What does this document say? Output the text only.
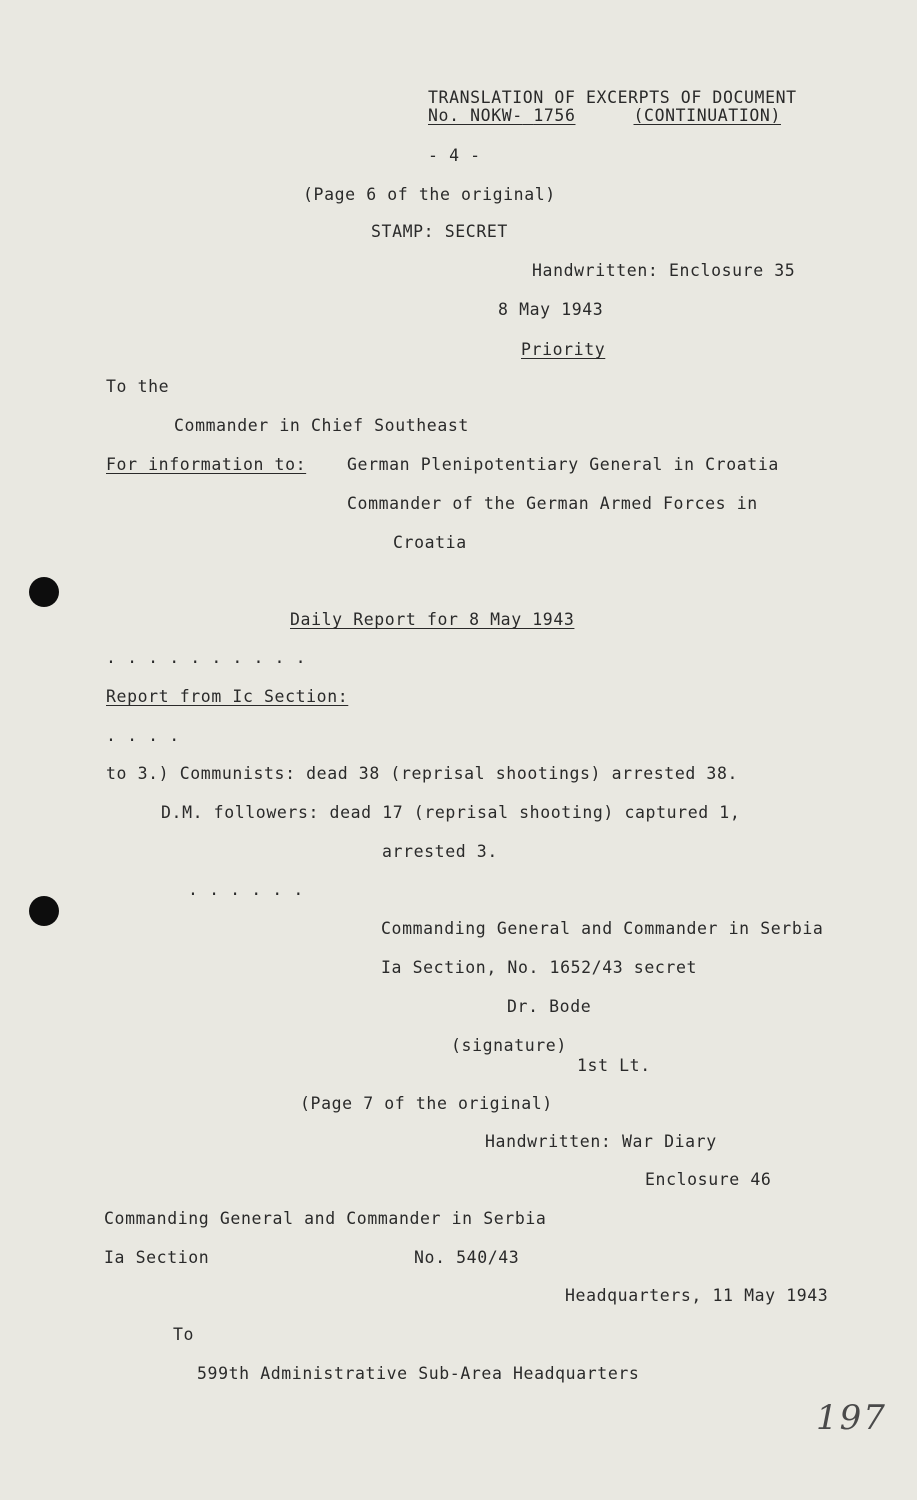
TRANSLATION OF EXCERPTS OF DOCUMENT
No. NOKW- 1756	(CONTINUATION)
- 4 -
(Page 6 of the original)
STAMP: SECRET
Handwritten: Enclosure 35
8 May 1943
Priority
To the
Commander in Chief Southeast
For information to: German Plenipotentiary General in Croatia
Commander of the German Armed Forces in
Croatia
Daily Report for 8 May 1943
. . . . . . . . . .
Report from Ic Section:
. . . .
to 3.) Communists: dead 38 (reprisal shootings) arrested 38.
D.M. followers: dead 17 (reprisal shooting) captured 1,
arrested 3.
. . . . . .
Commanding General and Commander in Serbia
Ia Section, No. 1652/43 secret
Dr. Bode
(signature)
1st Lt.
(Page 7 of the original)
Handwritten: War Diary
Enclosure 46
Commanding General and Commander in Serbia
Ia Section	No. 540/43
Headquarters, 11 May 1943
To
599th Administrative Sub-Area Headquarters
197
